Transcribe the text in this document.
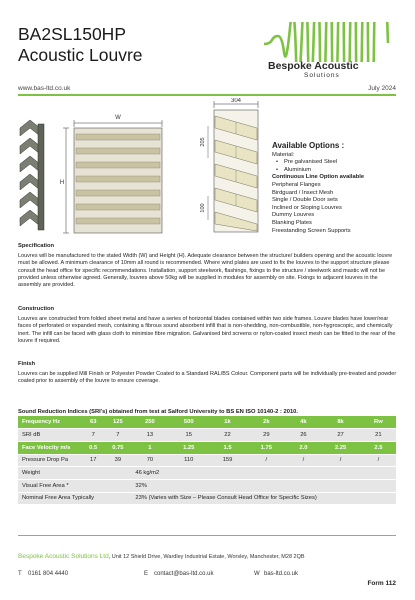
BA2SL150HP
Acoustic Louvre
Bespoke Acoustic
Solutions
www.bas-ltd.co.uk	July 2024
W
H
304
205
100
Available Options :
Material:
• Pre galvanised Steel
• Aluminium
Continuous Line Option available
Peripheral Flanges
Birdguard / Insect Mesh
Single / Double Door sets
Inclined or Sloping Louvres
Dummy Louvres
Blanking Plates
Freestanding Screen Supports
Specification

Louvres will be manufactured to the stated Width (W) and Height (H). Adequate clearance between the structure/ builders opening and the acoustic louvre must be allowed. A minimum clearance of 10mm all round is recommended. Where wind plates are used to fix the louvres to the support structure please consult the head office for specific recommendations. Installation, support steelwork, flashings, fixings to the structure / steelwork and mastic will not be provided unless otherwise agreed. Generally, louvres above 50kg will be supplied in modules for assembly on site. Fixings to adjacent louvres in the assembly are provided.

Construction

Louvres are constructed from folded sheet metal and have a series of horizontal blades contained within two side frames. Louvre blades have lower/rear faces of perforated or expanded mesh, containing a fibrous sound absorbent infill that is non-shedding, non-combustible, non-hygroscopic, and chemically inert. The infill can be faced with glass cloth to minimise fibre migration. Galvanised bird screens or nylon-coated insect mesh can be fitted to the rear of the louvre if required.

Finish

Louvres can be supplied Mill Finish or Polyester Powder Coated to a Standard RAL/BS Colour. Component parts will be individually pre-treated and powder coated prior to assembly of the louvre to ensure coverage.

Sound Reduction Indices (SRI's) obtained from test at Salford University to BS EN ISO 10140-2 : 2010.
Frequency Hz	63	125	250	500	1k	2k	4k	8k	Rw
SRI dB	7	7	13	15	22	29	26	27	21
Face Velocity m/s	0.5	0.75	1	1.25	1.5	1.75	2.0	2.25	2.5
Pressure Drop Pa	17	39	70	110	159	/	/	/	/
Weight			46 kg/m2						
Visual Free Area *			32%						
Nominal Free Area Typically			23% (Varies with Size – Please Consult Head Office for Specific Sizes)						
Bespoke Acoustic Solutions Ltd, Unit 12 Shield Drive, Wardley Industrial Estate, Worsley, Manchester, M28 2QB
T 0161 804 4440	E contact@bas-ltd.co.uk	W bas-ltd.co.uk
Form 112
